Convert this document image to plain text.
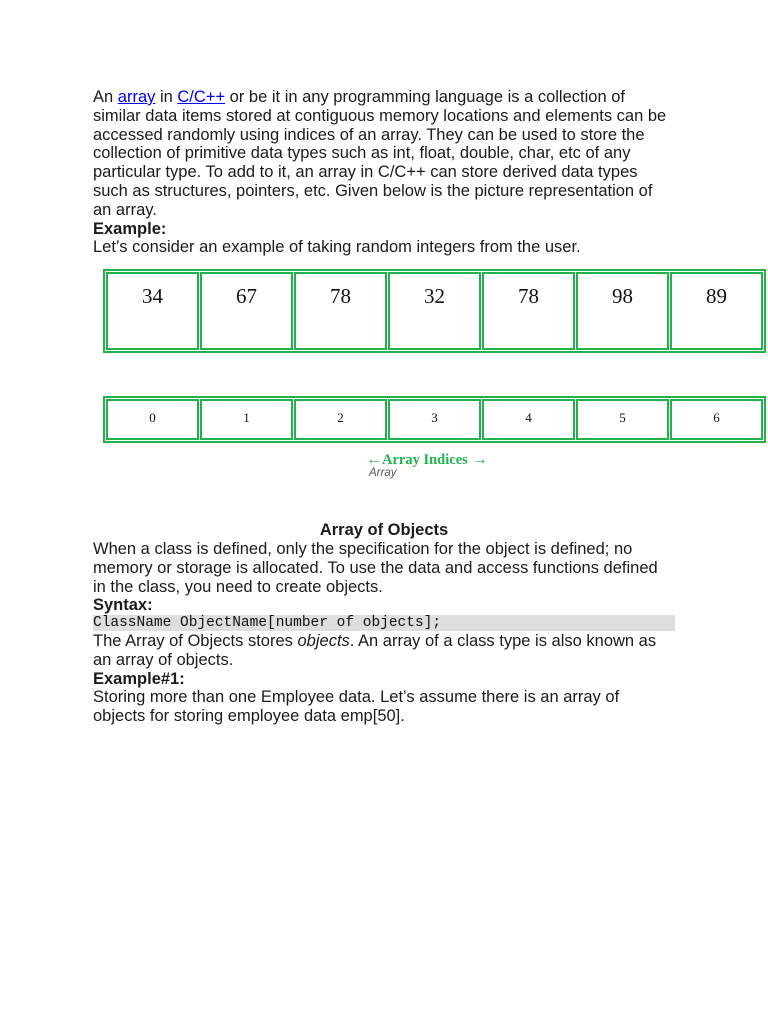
An array in C/C++ or be it in any programming language is a collection of similar data items stored at contiguous memory locations and elements can be accessed randomly using indices of an array. They can be used to store the collection of primitive data types such as int, float, double, char, etc of any particular type. To add to it, an array in C/C++ can store derived data types such as structures, pointers, etc. Given below is the picture representation of an array.
Example:
Let’s consider an example of taking random integers from the user.
34	67	78	32	78	98	89
0	1	2	3	4	5	6
← Array Indices →
Array
Array of Objects
When a class is defined, only the specification for the object is defined; no memory or storage is allocated. To use the data and access functions defined in the class, you need to create objects.
Syntax:
ClassName ObjectName[number of objects];
The Array of Objects stores objects. An array of a class type is also known as an array of objects.
Example#1:
Storing more than one Employee data. Let’s assume there is an array of objects for storing employee data emp[50].
